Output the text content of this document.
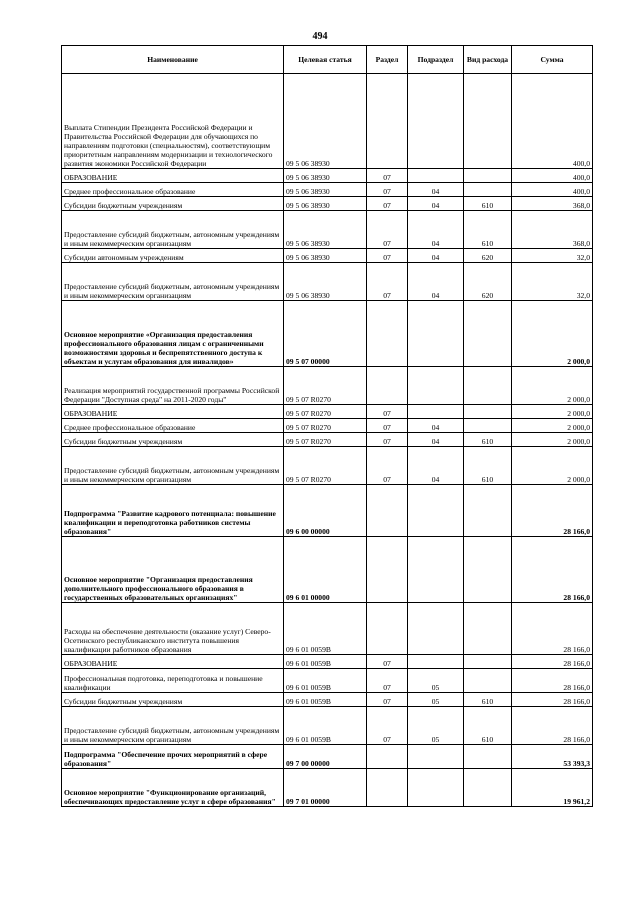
494
Наименование	Целевая статья	Раздел	Подраздел	Вид расхода	Сумма
Выплата Стипендии Президента Российской Федерации и Правительства Российской Федерации для обучающихся по направлениям подготовки (специальностям), соответствующим приоритетным направлениям модернизации и технологического развития экономики Российской Федерации	09 5 06 38930				400,0
ОБРАЗОВАНИЕ	09 5 06 38930	07			400,0
Среднее профессиональное образование	09 5 06 38930	07	04		400,0
Субсидии бюджетным учреждениям	09 5 06 38930	07	04	610	368,0
Предоставление субсидий бюджетным, автономным учреждениям и иным некоммерческим организациям	09 5 06 38930	07	04	610	368,0
Субсидии автономным учреждениям	09 5 06 38930	07	04	620	32,0
Предоставление субсидий бюджетным, автономным учреждениям и иным некоммерческим организациям	09 5 06 38930	07	04	620	32,0
Основное мероприятие «Организация предоставления профессионального образования лицам с ограниченными возможностями здоровья и беспрепятственного доступа к объектам и услугам образования для инвалидов»	09 5 07 00000				2 000,0
Реализация мероприятий государственной программы Российской Федерации "Доступная среда" на 2011-2020 годы"	09 5 07 R0270				2 000,0
ОБРАЗОВАНИЕ	09 5 07 R0270	07			2 000,0
Среднее профессиональное образование	09 5 07 R0270	07	04		2 000,0
Субсидии бюджетным учреждениям	09 5 07 R0270	07	04	610	2 000,0
Предоставление субсидий бюджетным, автономным учреждениям и иным некоммерческим организациям	09 5 07 R0270	07	04	610	2 000,0
Подпрограмма "Развитие кадрового потенциала: повышение квалификации и переподготовка работников системы образования"	09 6 00 00000				28 166,0
Основное мероприятие "Организация предоставления дополнительного профессионального образования в государственных образовательных организациях"	09 6 01 00000				28 166,0
Расходы на обеспечение деятельности (оказание услуг) Северо-Осетинского республиканского института повышения квалификации работников образования	09 6 01 0059В				28 166,0
ОБРАЗОВАНИЕ	09 6 01 0059В	07			28 166,0
Профессиональная подготовка, переподготовка и повышение квалификации	09 6 01 0059В	07	05		28 166,0
Субсидии бюджетным учреждениям	09 6 01 0059В	07	05	610	28 166,0
Предоставление субсидий бюджетным, автономным учреждениям и иным некоммерческим организациям	09 6 01 0059В	07	05	610	28 166,0
Подпрограмма "Обеспечение прочих мероприятий в сфере образования"	09 7 00 00000				53 393,3
Основное мероприятие "Функционирование организаций, обеспечивающих предоставление услуг в сфере образования"	09 7 01 00000				19 961,2
